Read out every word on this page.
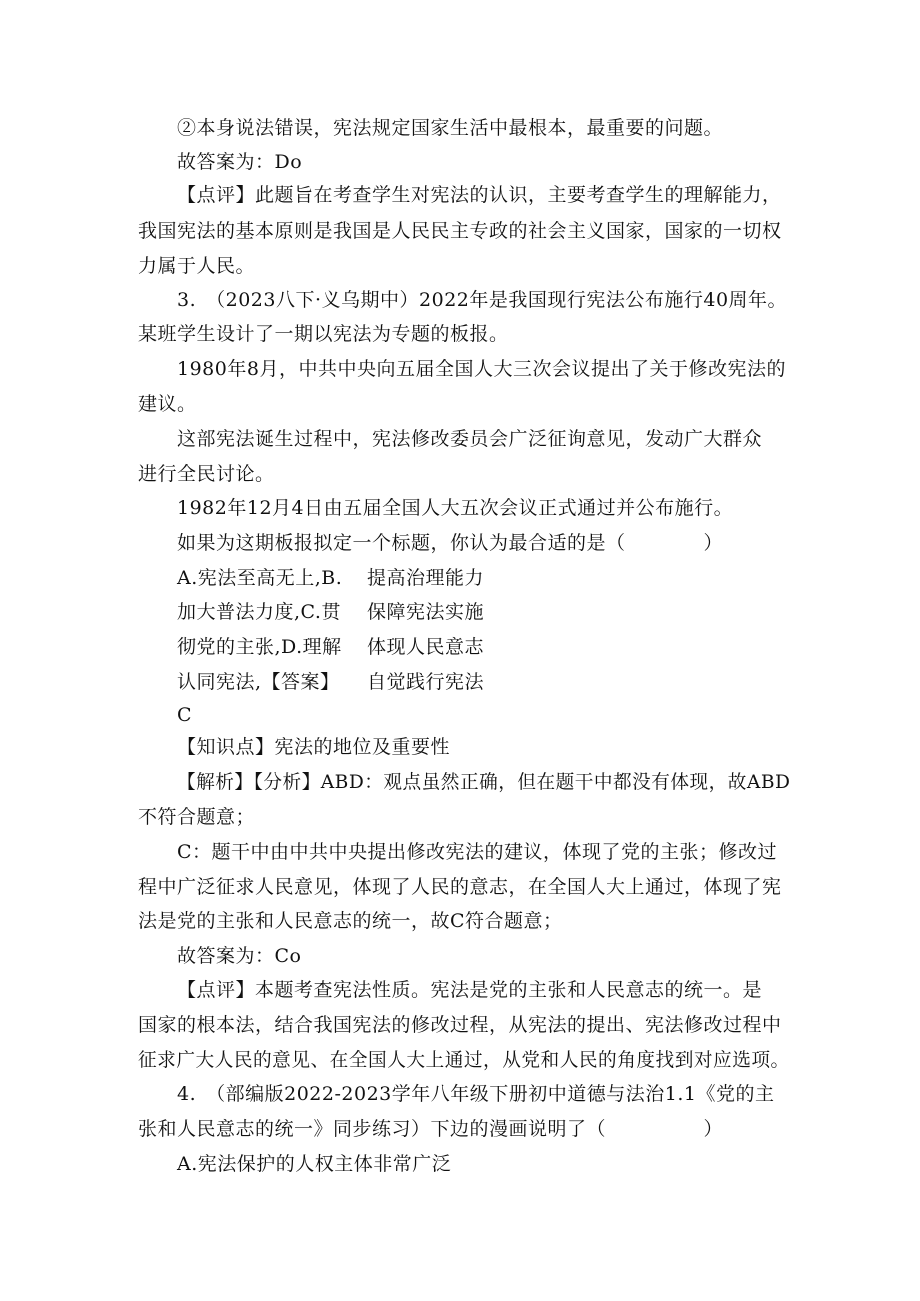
②本身说法错误，宪法规定国家生活中最根本，最重要的问题。
故答案为：Do
【点评】此题旨在考查学生对宪法的认识，主要考查学生的理解能力，
我国宪法的基本原则是我国是人民民主专政的社会主义国家，国家的一切权
力属于人民。
3.　（2023八下·义乌期中）2022年是我国现行宪法公布施行40周年。
某班学生设计了一期以宪法为专题的板报。
1980年8月，中共中央向五届全国人大三次会议提出了关于修改宪法的
建议。
这部宪法诞生过程中，宪法修改委员会广泛征询意见，发动广大群众
进行全民讨论。
1982年12月4日由五届全国人大五次会议正式通过并公布施行。
如果为这期板报拟定一个标题，你认为最合适的是（　　　　）
A.宪法至高无上,B. 提高治理能力
加大普法力度,C.贯 保障宪法实施
彻党的主张,D.理解 体现人民意志
认同宪法,【答案】 自觉践行宪法
C
【知识点】宪法的地位及重要性
【解析】【分析】ABD：观点虽然正确，但在题干中都没有体现，故ABD
不符合题意；
C：题干中由中共中央提出修改宪法的建议，体现了党的主张；修改过
程中广泛征求人民意见，体现了人民的意志，在全国人大上通过，体现了宪
法是党的主张和人民意志的统一，故C符合题意；
故答案为：Co
【点评】本题考查宪法性质。宪法是党的主张和人民意志的统一。是
国家的根本法，结合我国宪法的修改过程，从宪法的提出、宪法修改过程中
征求广大人民的意见、在全国人大上通过，从党和人民的角度找到对应选项。
4.　（部编版2022-2023学年八年级下册初中道德与法治1.1《党的主
张和人民意志的统一》同步练习）下边的漫画说明了（　　　　　）
A.宪法保护的人权主体非常广泛
